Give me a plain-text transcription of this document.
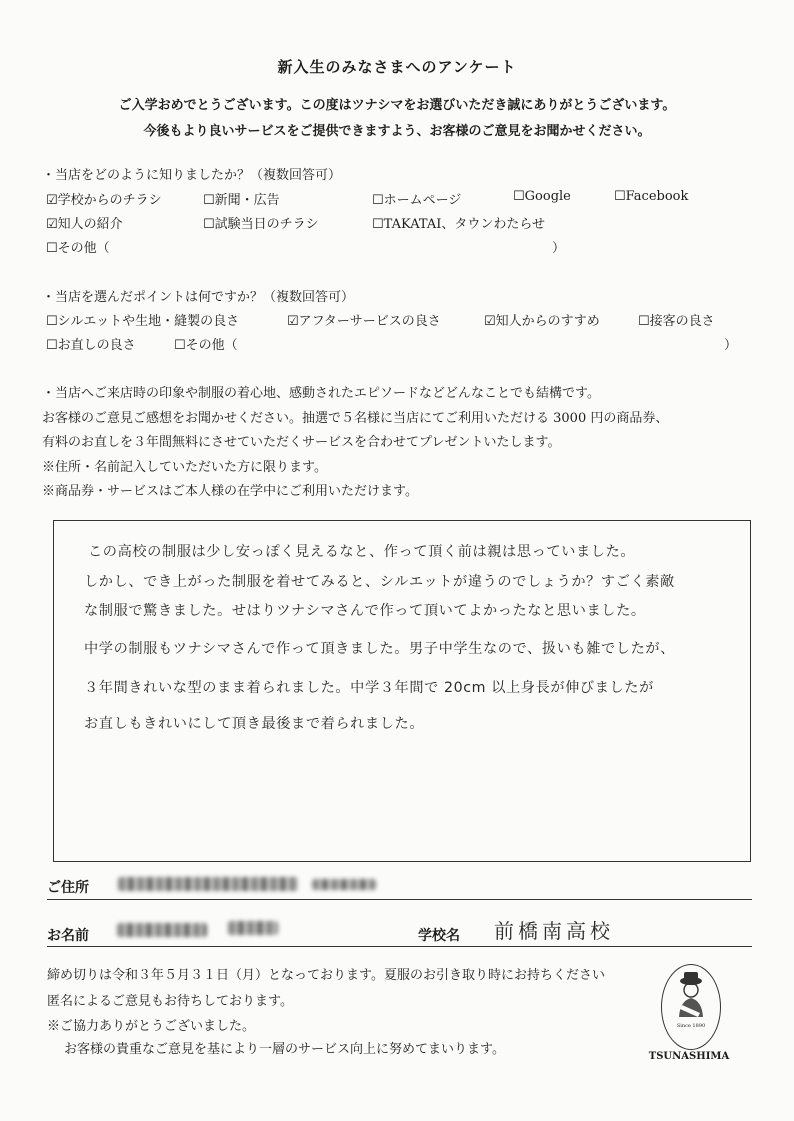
新入生のみなさまへのアンケート
ご入学おめでとうございます。この度はツナシマをお選びいただき誠にありがとうございます。
今後もより良いサービスをご提供できますよう、お客様のご意見をお聞かせください。
・当店をどのように知りましたか？（複数回答可）
☑学校からのチラシ	☐新聞・広告	☐ホームページ	☐Google	☐Facebook
☑知人の紹介	☐試験当日のチラシ	☐TAKATAI、タウンわたらせ
☐その他（	）
・当店を選んだポイントは何ですか？（複数回答可）
☐シルエットや生地・縫製の良さ	☑アフターサービスの良さ	☑知人からのすすめ	☐接客の良さ
☐お直しの良さ	☐その他（	）
・当店へご来店時の印象や制服の着心地、感動されたエピソードなどどんなことでも結構です。
お客様のご意見ご感想をお聞かせください。抽選で５名様に当店にてご利用いただける 3000 円の商品券、
有料のお直しを３年間無料にさせていただくサービスを合わせてプレゼントいたします。
※住所・名前記入していただいた方に限ります。
※商品券・サービスはご本人様の在学中にご利用いただけます。
この高校の制服は少し安っぽく見えるなと、作って頂く前は親は思っていました。
しかし、でき上がった制服を着せてみると、シルエットが違うのでしょうか？すごく素敵
な制服で驚きました。せはりツナシマさんで作って頂いてよかったなと思いました。
中学の制服もツナシマさんで作って頂きました。男子中学生なので、扱いも雑でしたが、
３年間きれいな型のまま着られました。中学３年間で 20cm 以上身長が伸びましたが
お直しもきれいにして頂き最後まで着られました。
ご住所
お名前	学校名 前橋南高校
締め切りは令和３年５月３１日（月）となっております。夏服のお引き取り時にお持ちください
匿名によるご意見もお待ちしております。
※ご協力ありがとうございました。
お客様の貴重なご意見を基により一層のサービス向上に努めてまいります。
Since 1890
TSUNASHIMA
